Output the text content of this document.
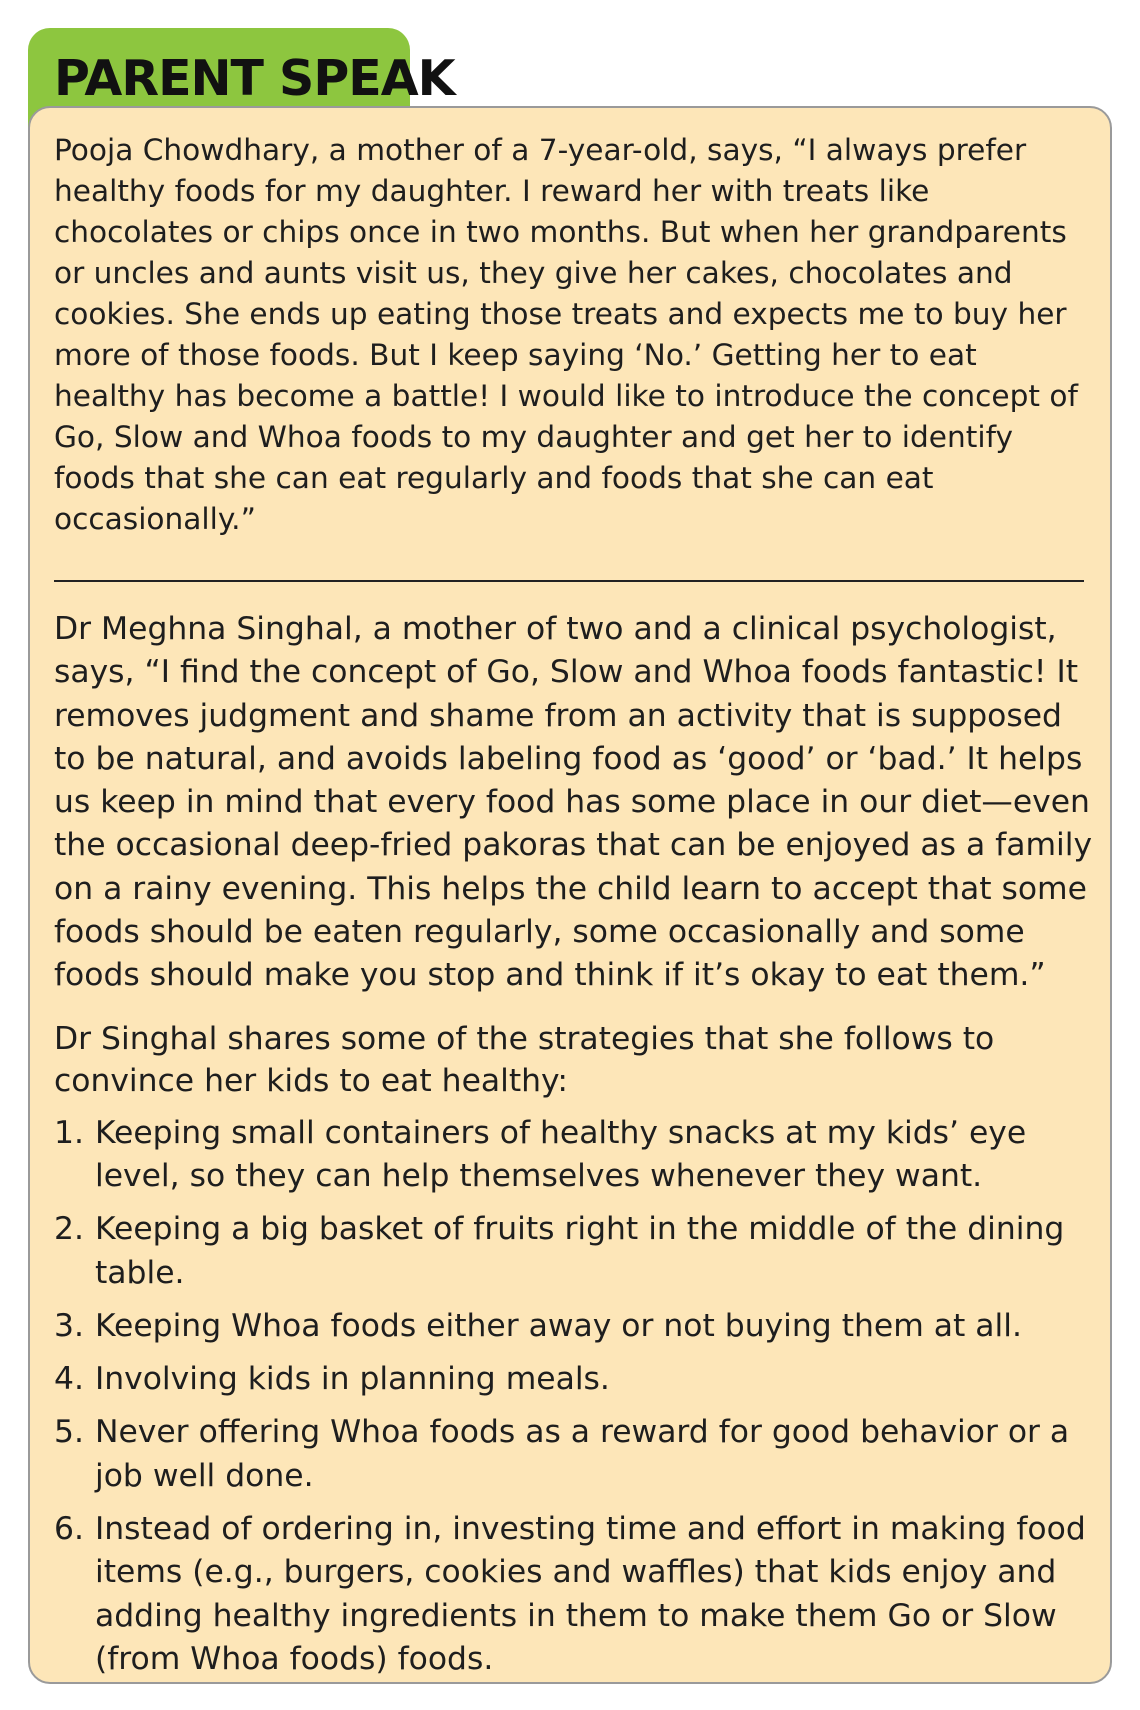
PARENT SPEAK

Pooja Chowdhary, a mother of a 7-year-old, says, “I always prefer healthy foods for my daughter. I reward her with treats like chocolates or chips once in two months. But when her grandparents or uncles and aunts visit us, they give her cakes, chocolates and cookies. She ends up eating those treats and expects me to buy her more of those foods. But I keep saying ‘No.’ Getting her to eat healthy has become a battle! I would like to introduce the concept of Go, Slow and Whoa foods to my daughter and get her to identify foods that she can eat regularly and foods that she can eat occasionally.”

Dr Meghna Singhal, a mother of two and a clinical psychologist, says, “I find the concept of Go, Slow and Whoa foods fantastic! It removes judgment and shame from an activity that is supposed to be natural, and avoids labeling food as ‘good’ or ‘bad.’ It helps us keep in mind that every food has some place in our diet—even the occasional deep-fried pakoras that can be enjoyed as a family on a rainy evening. This helps the child learn to accept that some foods should be eaten regularly, some occasionally and some foods should make you stop and think if it’s okay to eat them.”

Dr Singhal shares some of the strategies that she follows to convince her kids to eat healthy:

1. Keeping small containers of healthy snacks at my kids’ eye level, so they can help themselves whenever they want.
2. Keeping a big basket of fruits right in the middle of the dining table.
3. Keeping Whoa foods either away or not buying them at all.
4. Involving kids in planning meals.
5. Never offering Whoa foods as a reward for good behavior or a job well done.
6. Instead of ordering in, investing time and effort in making food items (e.g., burgers, cookies and waffles) that kids enjoy and adding healthy ingredients in them to make them Go or Slow (from Whoa foods) foods.
